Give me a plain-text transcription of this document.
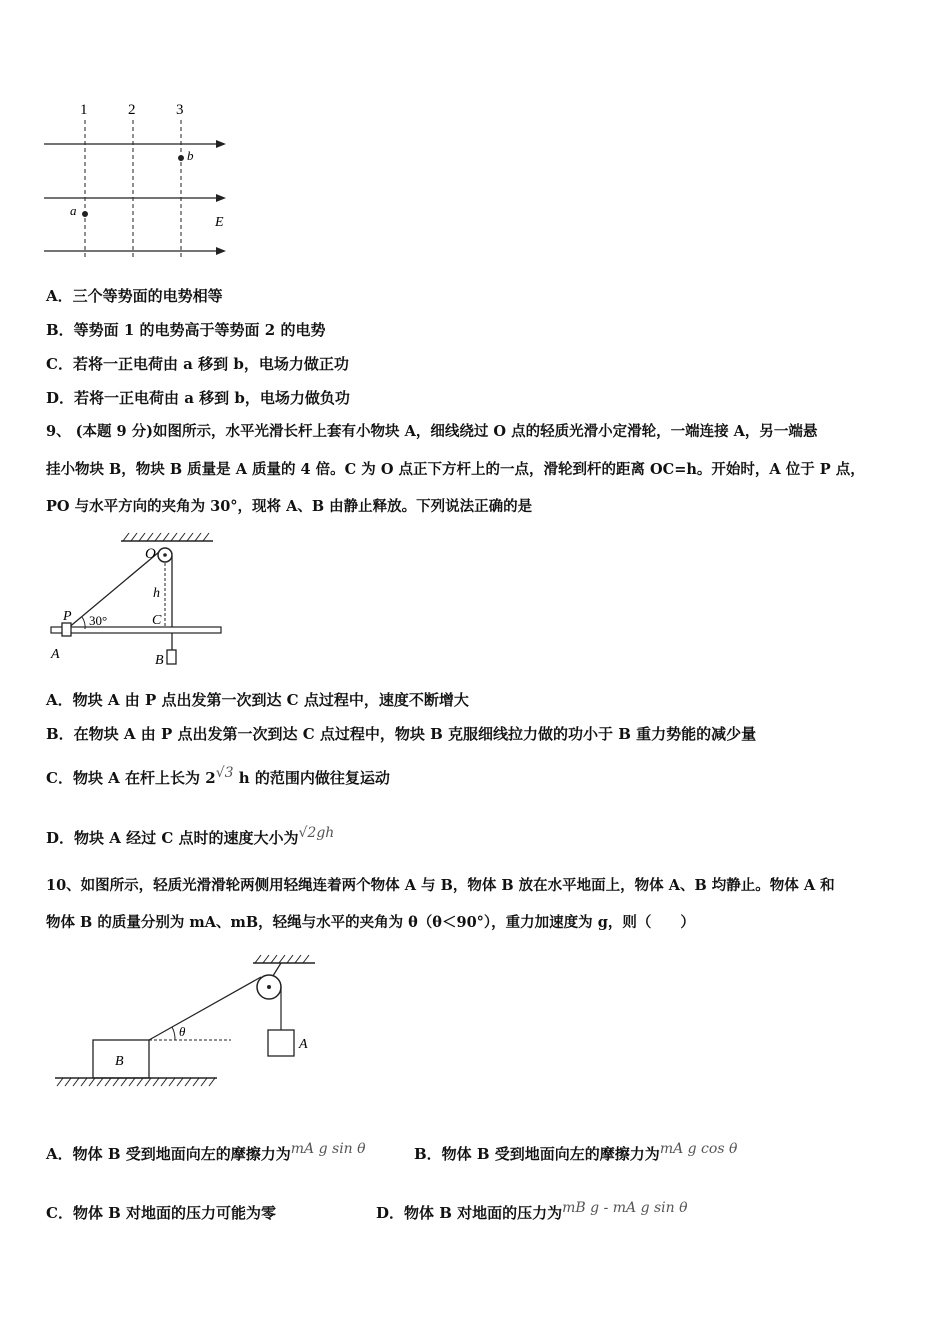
1	2	3
a
b
E
A．三个等势面的电势相等
B．等势面 1 的电势高于等势面 2 的电势
C．若将一正电荷由 a 移到 b，电场力做正功
D．若将一正电荷由 a 移到 b，电场力做负功
9、 (本题 9 分)如图所示，水平光滑长杆上套有小物块 A，细线绕过 O 点的轻质光滑小定滑轮，一端连接 A，另一端悬
挂小物块 B，物块 B 质量是 A 质量的 4 倍。C 为 O 点正下方杆上的一点，滑轮到杆的距离 OC=h。开始时，A 位于 P 点，
PO 与水平方向的夹角为 30°，现将 A、B 由静止释放。下列说法正确的是
O
P 30°
h
C
A	B
A．物块 A 由 P 点出发第一次到达 C 点过程中，速度不断增大
B．在物块 A 由 P 点出发第一次到达 C 点过程中，物块 B 克服细线拉力做的功小于 B 重力势能的减少量
C．物块 A 在杆上长为 2√3 h 的范围内做往复运动
D．物块 A 经过 C 点时的速度大小为√2gh
10、如图所示，轻质光滑滑轮两侧用轻绳连着两个物体 A 与 B，物体 B 放在水平地面上，物体 A、B 均静止。物体 A 和
物体 B 的质量分别为 mA、mB，轻绳与水平的夹角为 θ（θ＜90°），重力加速度为 g，则（　　）
B
A
θ
A．物体 B 受到地面向左的摩擦力为mA g sin θ	B．物体 B 受到地面向左的摩擦力为mA g cos θ
C．物体 B 对地面的压力可能为零	D．物体 B 对地面的压力为mB g - mA g sin θ
